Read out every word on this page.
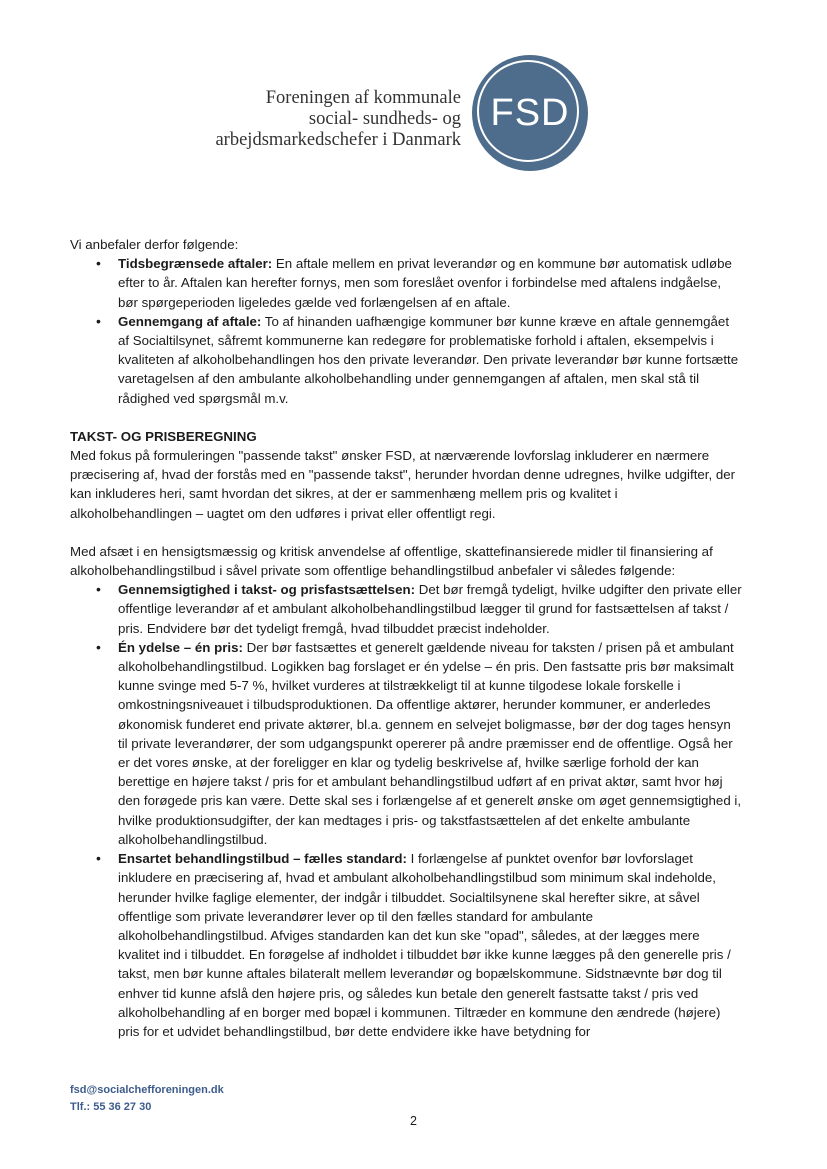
Foreningen af kommunale
social- sundheds- og
arbejdsmarkedschefer i Danmark
FSD

Vi anbefaler derfor følgende:

• Tidsbegrænsede aftaler: En aftale mellem en privat leverandør og en kommune bør automatisk udløbe efter to år. Aftalen kan herefter fornys, men som foreslået ovenfor i forbindelse med aftalens indgåelse, bør spørgeperioden ligeledes gælde ved forlængelsen af en aftale.
• Gennemgang af aftale: To af hinanden uafhængige kommuner bør kunne kræve en aftale gennemgået af Socialtilsynet, såfremt kommunerne kan redegøre for problematiske forhold i aftalen, eksempelvis i kvaliteten af alkoholbehandlingen hos den private leverandør. Den private leverandør bør kunne fortsætte varetagelsen af den ambulante alkoholbehandling under gennemgangen af aftalen, men skal stå til rådighed ved spørgsmål m.v.

TAKST- OG PRISBEREGNING

Med fokus på formuleringen "passende takst" ønsker FSD, at nærværende lovforslag inkluderer en nærmere præcisering af, hvad der forstås med en "passende takst", herunder hvordan denne udregnes, hvilke udgifter, der kan inkluderes heri, samt hvordan det sikres, at der er sammenhæng mellem pris og kvalitet i alkoholbehandlingen – uagtet om den udføres i privat eller offentligt regi.

Med afsæt i en hensigtsmæssig og kritisk anvendelse af offentlige, skattefinansierede midler til finansiering af alkoholbehandlingstilbud i såvel private som offentlige behandlingstilbud anbefaler vi således følgende:

• Gennemsigtighed i takst- og prisfastsættelsen: Det bør fremgå tydeligt, hvilke udgifter den private eller offentlige leverandør af et ambulant alkoholbehandlingstilbud lægger til grund for fastsættelsen af takst / pris. Endvidere bør det tydeligt fremgå, hvad tilbuddet præcist indeholder.
• Én ydelse – én pris: Der bør fastsættes et generelt gældende niveau for taksten / prisen på et ambulant alkoholbehandlingstilbud. Logikken bag forslaget er én ydelse – én pris. Den fastsatte pris bør maksimalt kunne svinge med 5-7 %, hvilket vurderes at tilstrækkeligt til at kunne tilgodese lokale forskelle i omkostningsniveauet i tilbudsproduktionen. Da offentlige aktører, herunder kommuner, er anderledes økonomisk funderet end private aktører, bl.a. gennem en selvejet boligmasse, bør der dog tages hensyn til private leverandører, der som udgangspunkt opererer på andre præmisser end de offentlige. Også her er det vores ønske, at der foreligger en klar og tydelig beskrivelse af, hvilke særlige forhold der kan berettige en højere takst / pris for et ambulant behandlingstilbud udført af en privat aktør, samt hvor høj den forøgede pris kan være. Dette skal ses i forlængelse af et generelt ønske om øget gennemsigtighed i, hvilke produktionsudgifter, der kan medtages i pris- og takstfastsættelen af det enkelte ambulante alkoholbehandlingstilbud.
• Ensartet behandlingstilbud – fælles standard: I forlængelse af punktet ovenfor bør lovforslaget inkludere en præcisering af, hvad et ambulant alkoholbehandlingstilbud som minimum skal indeholde, herunder hvilke faglige elementer, der indgår i tilbuddet. Socialtilsynene skal herefter sikre, at såvel offentlige som private leverandører lever op til den fælles standard for ambulante alkoholbehandlingstilbud. Afviges standarden kan det kun ske "opad", således, at der lægges mere kvalitet ind i tilbuddet. En forøgelse af indholdet i tilbuddet bør ikke kunne lægges på den generelle pris / takst, men bør kunne aftales bilateralt mellem leverandør og bopælskommune. Sidstnævnte bør dog til enhver tid kunne afslå den højere pris, og således kun betale den generelt fastsatte takst / pris ved alkoholbehandling af en borger med bopæl i kommunen. Tiltræder en kommune den ændrede (højere) pris for et udvidet behandlingstilbud, bør dette endvidere ikke have betydning for
fsd@socialchefforeningen.dk
Tlf.: 55 36 27 30
2
